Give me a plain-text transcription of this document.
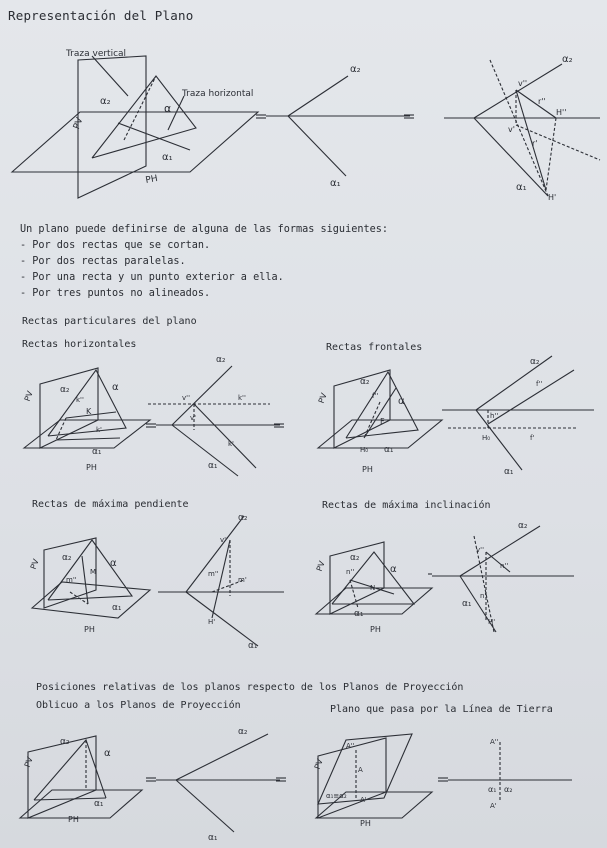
Representación del Plano
Un plano puede definirse de alguna de las formas siguientes:
- Por dos rectas que se cortan.
- Por dos rectas paralelas.
- Por una recta y un punto exterior a ella.
- Por tres puntos no alineados.
Rectas particulares del plano
Rectas horizontales	Rectas frontales
Rectas de máxima pendiente	Rectas de máxima inclinación
Posiciones relativas de los planos respecto de los Planos de Proyección
Oblicuo a los Planos de Proyección	Plano que pasa por la Línea de Tierra
Traza vertical
Traza horizontal
PV
PH
α₂
α
α₁
α₂
α₁
α₂
v''
r''
H''
v'
r'
α₁
H'
PV
PH
α₂	α
K
k''
k'
α₁
α₂
v''	k''
v'
k'
α₁
PV
PH
α₂
α
f''
F
H₀ α₁
α₂
f''
h''
H₀	f'
α₁
PV
PH
α₂	α
M
m''
α₁
α₂
v''
m''
m'
H'
α₁
PV
PH
α₂
α
N
n''
α₁
α₂
v''
n''
n'
α₁
H'
PV
PH
α₂
α
α₁
α₂
α₁
PV
PH
A''
A
A'
α₁≡α₂
A''
α₁ α₂
A'
